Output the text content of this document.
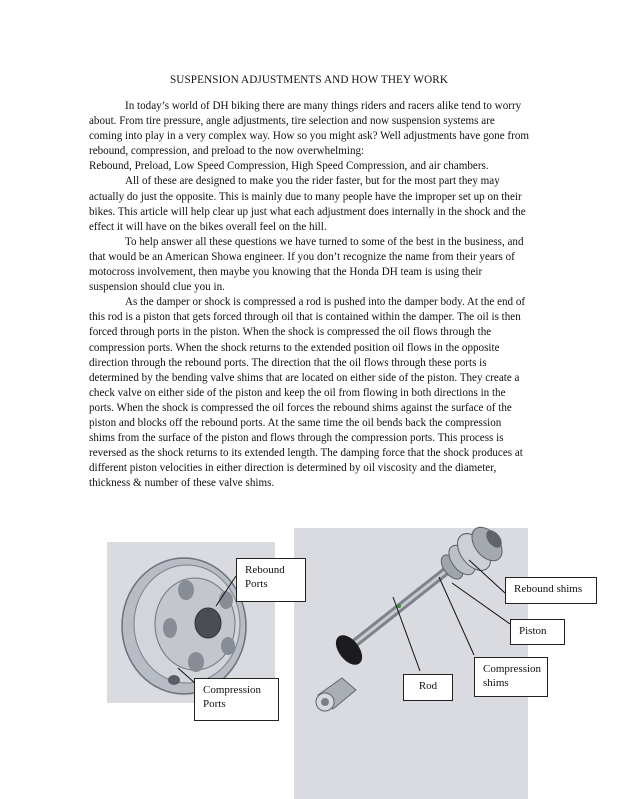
SUSPENSION ADJUSTMENTS AND HOW THEY WORK

In today’s world of DH biking there are many things riders and racers alike tend to worry about. From tire pressure, angle adjustments, tire selection and now suspension systems are coming into play in a very complex way. How so you might ask? Well adjustments have gone from rebound, compression, and preload to the now overwhelming:

Rebound, Preload, Low Speed Compression, High Speed Compression, and air chambers.

All of these are designed to make you the rider faster, but for the most part they may actually do just the opposite. This is mainly due to many people have the improper set up on their bikes. This article will help clear up just what each adjustment does internally in the shock and the effect it will have on the bikes overall feel on the hill.

To help answer all these questions we have turned to some of the best in the business, and that would be an American Showa engineer. If you don’t recognize the name from their years of motocross involvement, then maybe you knowing that the Honda DH team is using their suspension should clue you in.

As the damper or shock is compressed a rod is pushed into the damper body. At the end of this rod is a piston that gets forced through oil that is contained within the damper. The oil is then forced through ports in the piston. When the shock is compressed the oil flows through the compression ports. When the shock returns to the extended position oil flows in the opposite direction through the rebound ports. The direction that the oil flows through these ports is determined by the bending valve shims that are located on either side of the piston. They create a check valve on either side of the piston and keep the oil from flowing in both directions in the ports. When the shock is compressed the oil forces the rebound shims against the surface of the piston and blocks off the rebound ports. At the same time the oil bends back the compression shims from the surface of the piston and flows through the compression ports. This process is reversed as the shock returns to its extended length. The damping force that the shock produces at different piston velocities in either direction is determined by oil viscosity and the diameter, thickness & number of these valve shims.

Rebound
Ports
Compression
Ports
Rebound shims
Piston
Compression
shims
Rod
